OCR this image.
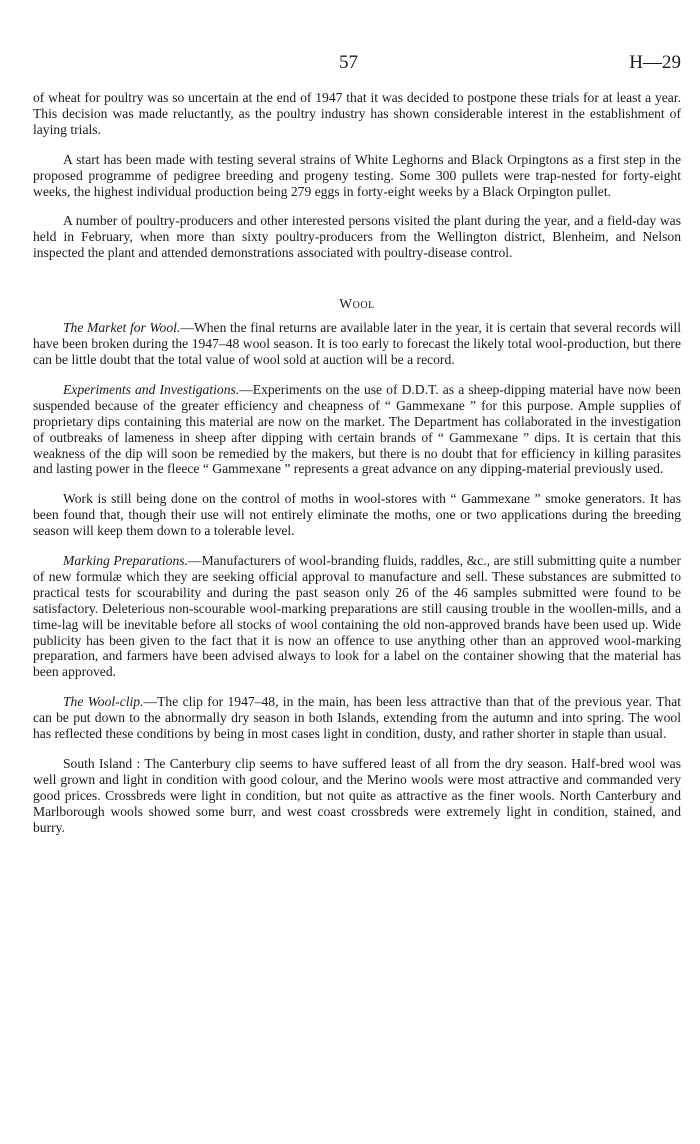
57	H—29

of wheat for poultry was so uncertain at the end of 1947 that it was decided to postpone these trials for at least a year. This decision was made reluctantly, as the poultry industry has shown considerable interest in the establishment of laying trials.

A start has been made with testing several strains of White Leghorns and Black Orpingtons as a first step in the proposed programme of pedigree breeding and progeny testing. Some 300 pullets were trap-nested for forty-eight weeks, the highest individual production being 279 eggs in forty-eight weeks by a Black Orpington pullet.

A number of poultry-producers and other interested persons visited the plant during the year, and a field-day was held in February, when more than sixty poultry-producers from the Wellington district, Blenheim, and Nelson inspected the plant and attended demonstrations associated with poultry-disease control.

Wool

The Market for Wool.—When the final returns are available later in the year, it is certain that several records will have been broken during the 1947–48 wool season. It is too early to forecast the likely total wool-production, but there can be little doubt that the total value of wool sold at auction will be a record.

Experiments and Investigations.—Experiments on the use of D.D.T. as a sheep-dipping material have now been suspended because of the greater efficiency and cheapness of “ Gammexane ” for this purpose. Ample supplies of proprietary dips containing this material are now on the market. The Department has collaborated in the investigation of outbreaks of lameness in sheep after dipping with certain brands of “ Gammexane ” dips. It is certain that this weakness of the dip will soon be remedied by the makers, but there is no doubt that for efficiency in killing parasites and lasting power in the fleece “ Gammexane ” represents a great advance on any dipping-material previously used.

Work is still being done on the control of moths in wool-stores with “ Gammexane ” smoke generators. It has been found that, though their use will not entirely eliminate the moths, one or two applications during the breeding season will keep them down to a tolerable level.

Marking Preparations.—Manufacturers of wool-branding fluids, raddles, &c., are still submitting quite a number of new formulæ which they are seeking official approval to manufacture and sell. These substances are submitted to practical tests for scourability and during the past season only 26 of the 46 samples submitted were found to be satisfactory. Deleterious non-scourable wool-marking preparations are still causing trouble in the woollen-mills, and a time-lag will be inevitable before all stocks of wool containing the old non-approved brands have been used up. Wide publicity has been given to the fact that it is now an offence to use anything other than an approved wool-marking preparation, and farmers have been advised always to look for a label on the container showing that the material has been approved.

The Wool-clip.—The clip for 1947–48, in the main, has been less attractive than that of the previous year. That can be put down to the abnormally dry season in both Islands, extending from the autumn and into spring. The wool has reflected these conditions by being in most cases light in condition, dusty, and rather shorter in staple than usual.

South Island : The Canterbury clip seems to have suffered least of all from the dry season. Half-bred wool was well grown and light in condition with good colour, and the Merino wools were most attractive and commanded very good prices. Crossbreds were light in condition, but not quite as attractive as the finer wools. North Canterbury and Marlborough wools showed some burr, and west coast crossbreds were extremely light in condition, stained, and burry.
